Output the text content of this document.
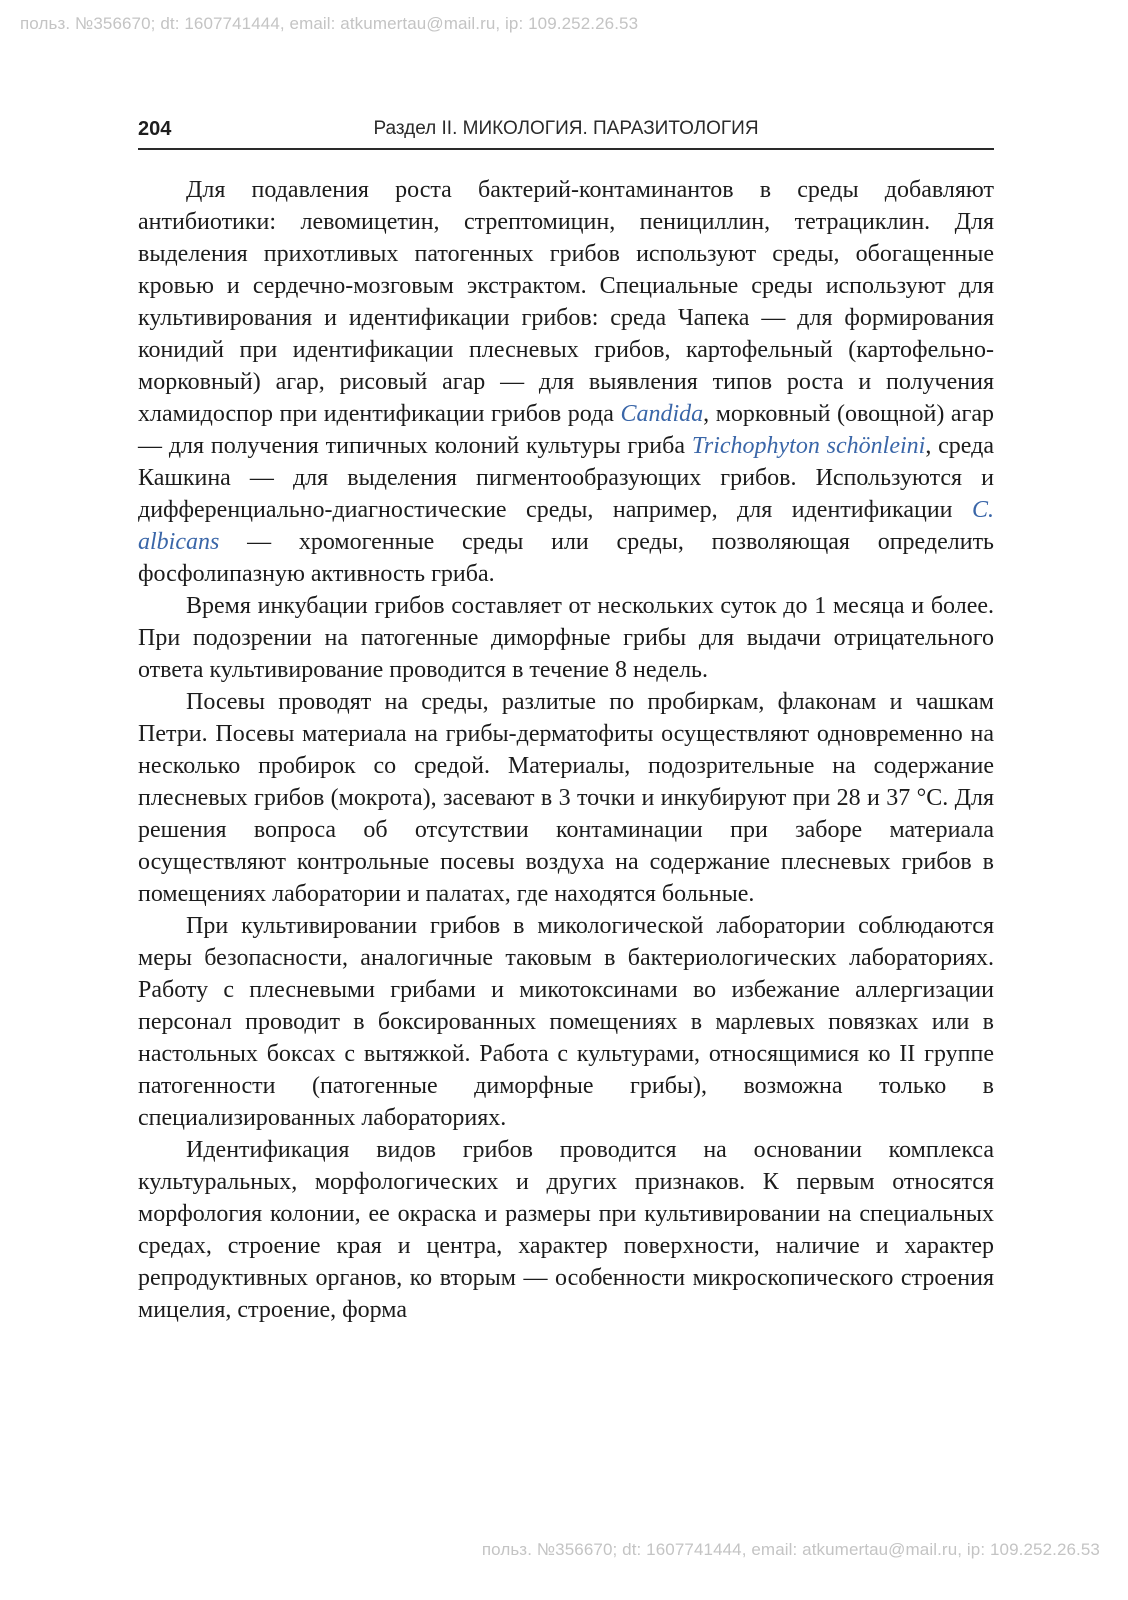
польз. №356670; dt: 1607741444, email: atkumertau@mail.ru, ip: 109.252.26.53
204	Раздел II. МИКОЛОГИЯ. ПАРАЗИТОЛОГИЯ

Для подавления роста бактерий-контаминантов в среды добавляют антибиотики: левомицетин, стрептомицин, пенициллин, тетрациклин. Для выделения прихотливых патогенных грибов используют среды, обогащенные кровью и сердечно-мозговым экстрактом. Специальные среды используют для культивирования и идентификации грибов: среда Чапека — для формирования конидий при идентификации плесневых грибов, картофельный (картофельно-морковный) агар, рисовый агар — для выявления типов роста и получения хламидоспор при идентификации грибов рода Candida, морковный (овощной) агар — для получения типичных колоний культуры гриба Trichophyton schönleini, среда Кашкина — для выделения пигментообразующих грибов. Используются и дифференциально-диагностические среды, например, для идентификации C. albicans — хромогенные среды или среды, позволяющая определить фосфолипазную активность гриба.

Время инкубации грибов составляет от нескольких суток до 1 месяца и более. При подозрении на патогенные диморфные грибы для выдачи отрицательного ответа культивирование проводится в течение 8 недель.

Посевы проводят на среды, разлитые по пробиркам, флаконам и чашкам Петри. Посевы материала на грибы-дерматофиты осуществляют одновременно на несколько пробирок со средой. Материалы, подозрительные на содержание плесневых грибов (мокрота), засевают в 3 точки и инкубируют при 28 и 37 °С. Для решения вопроса об отсутствии контаминации при заборе материала осуществляют контрольные посевы воздуха на содержание плесневых грибов в помещениях лаборатории и палатах, где находятся больные.

При культивировании грибов в микологической лаборатории соблюдаются меры безопасности, аналогичные таковым в бактериологических лабораториях. Работу с плесневыми грибами и микотоксинами во избежание аллергизации персонал проводит в боксированных помещениях в марлевых повязках или в настольных боксах с вытяжкой. Работа с культурами, относящимися ко II группе патогенности (патогенные диморфные грибы), возможна только в специализированных лабораториях.

Идентификация видов грибов проводится на основании комплекса культуральных, морфологических и других признаков. К первым относятся морфология колонии, ее окраска и размеры при культивировании на специальных средах, строение края и центра, характер поверхности, наличие и характер репродуктивных органов, ко вторым — особенности микроскопического строения мицелия, строение, форма

польз. №356670; dt: 1607741444, email: atkumertau@mail.ru, ip: 109.252.26.53
